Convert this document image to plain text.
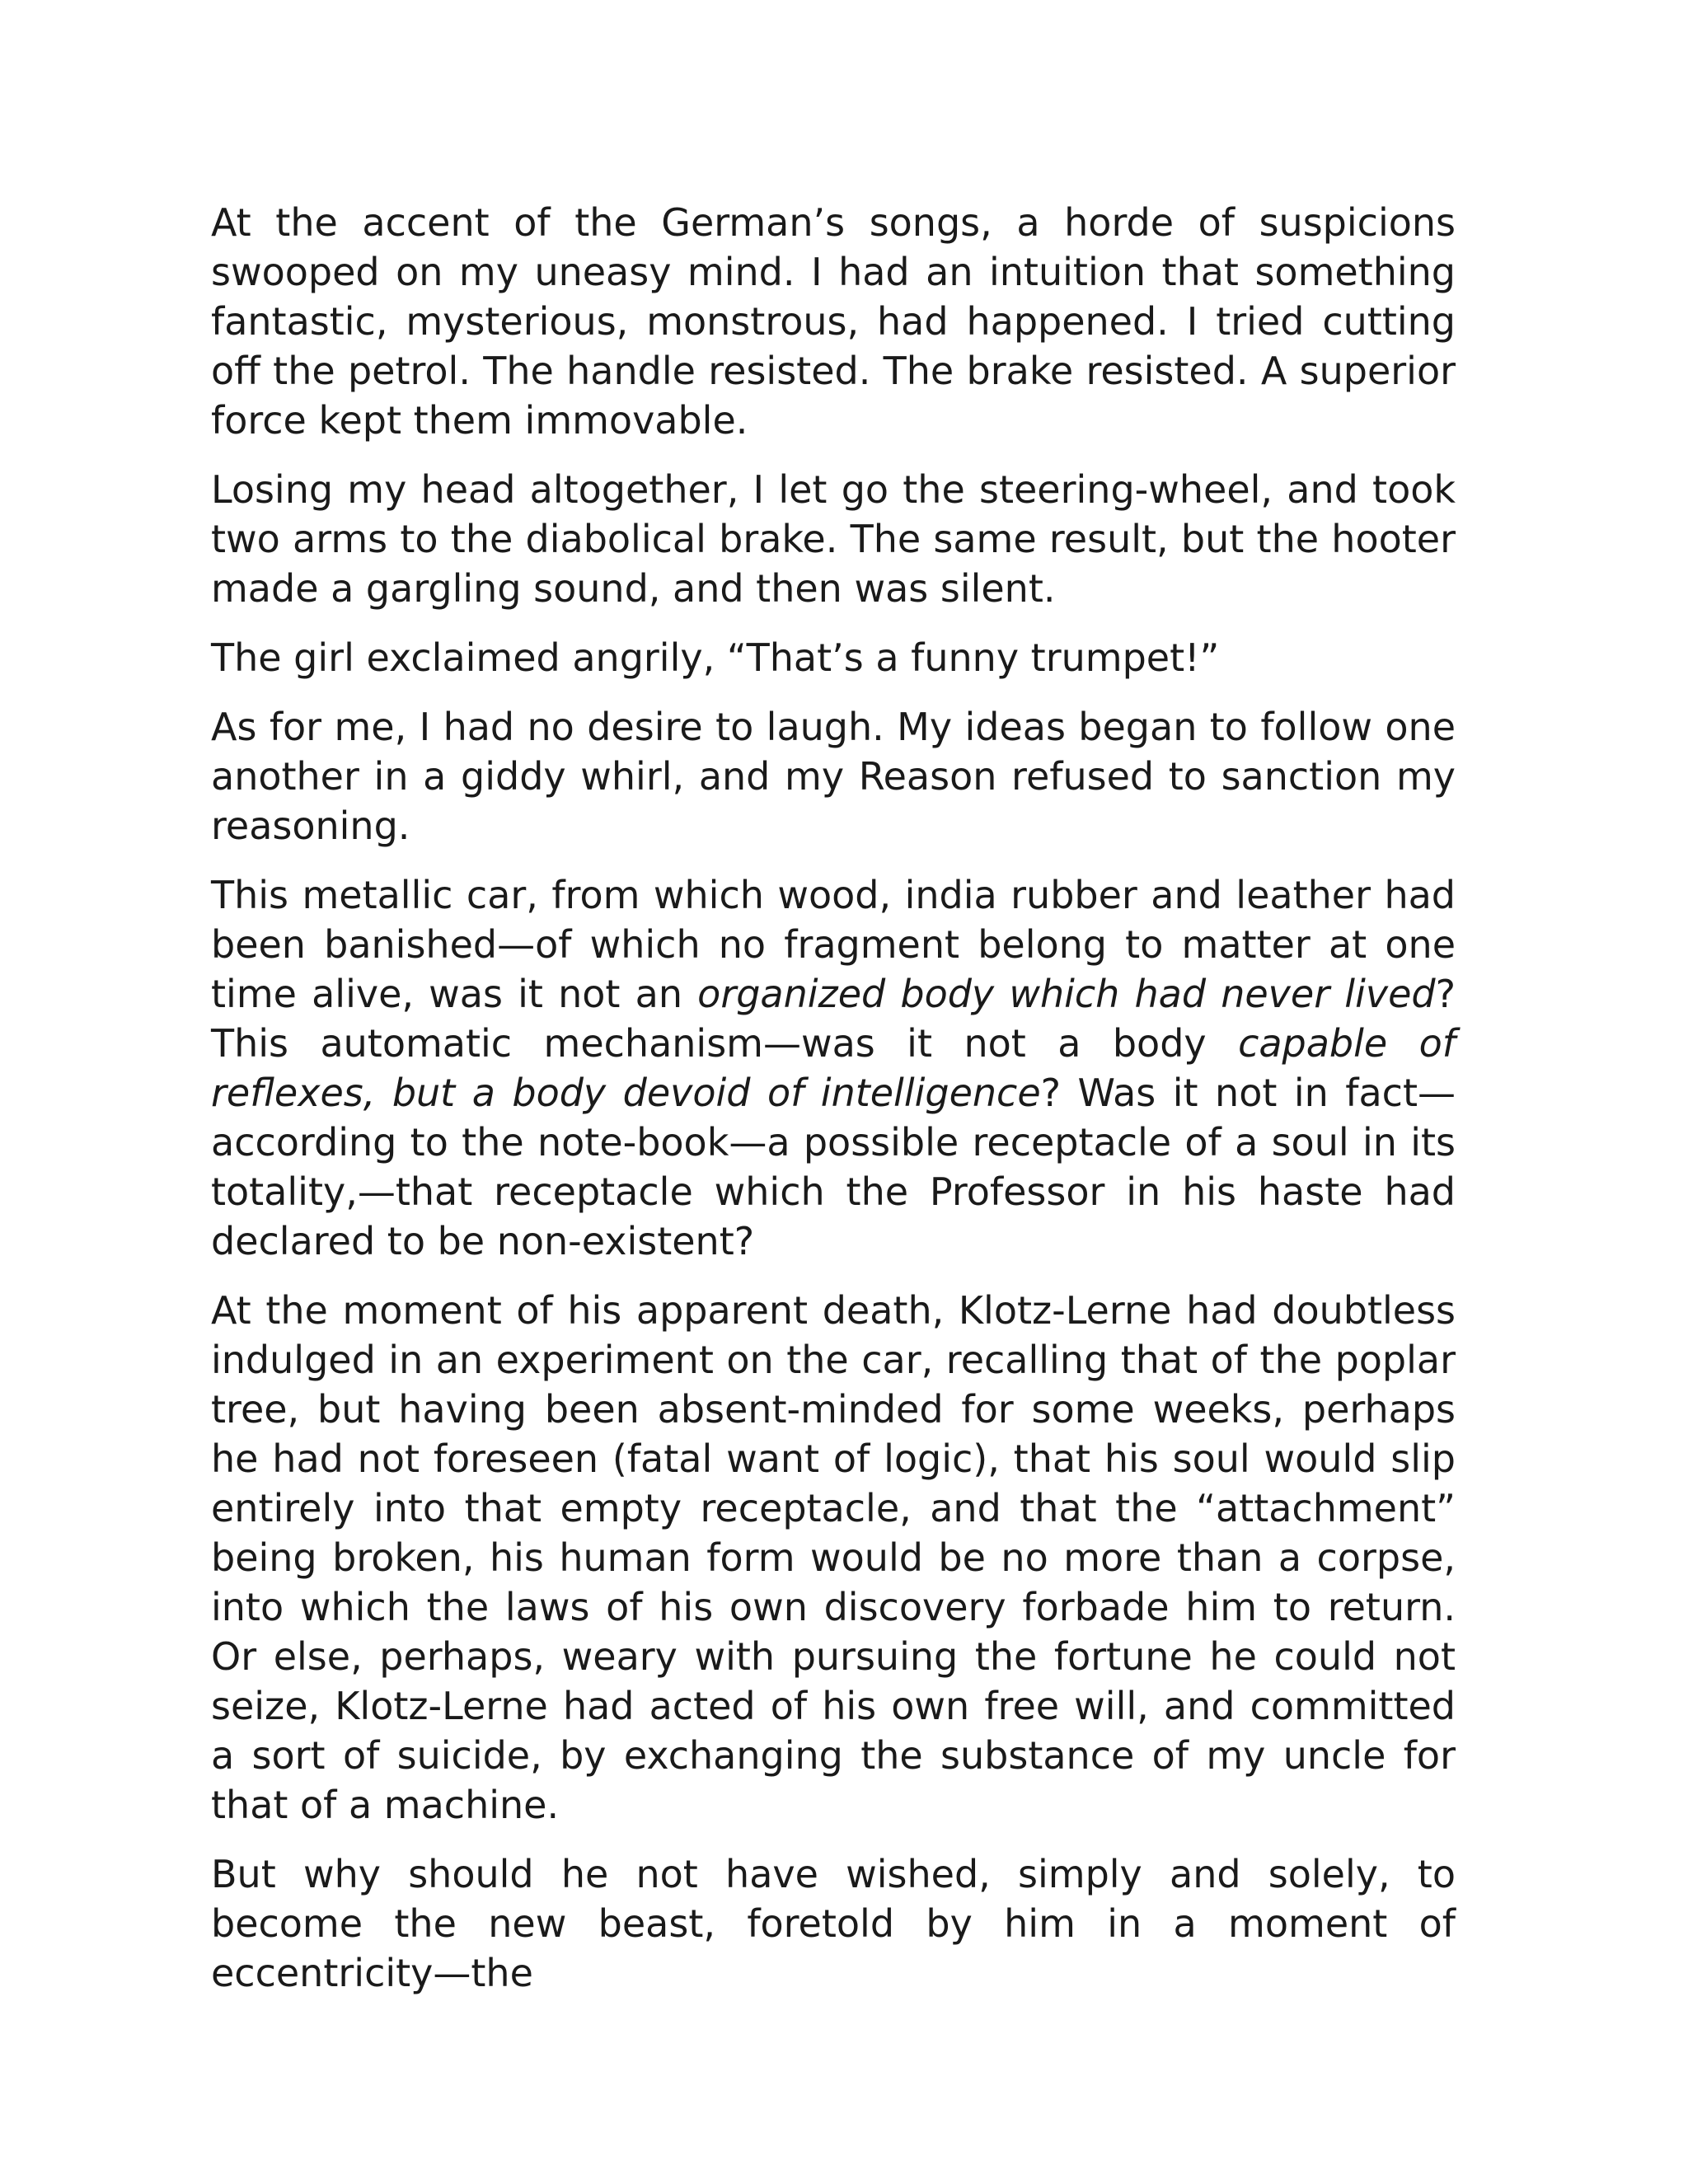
At the accent of the German’s songs, a horde of suspicions swooped on my uneasy mind. I had an intuition that something fantastic, mysterious, monstrous, had happened. I tried cutting off the petrol. The handle resisted. The brake resisted. A superior force kept them immovable.

Losing my head altogether, I let go the steering-wheel, and took two arms to the diabolical brake. The same result, but the hooter made a gargling sound, and then was silent.

The girl exclaimed angrily, “That’s a funny trumpet!”

As for me, I had no desire to laugh. My ideas began to follow one another in a giddy whirl, and my Reason refused to sanction my reasoning.

This metallic car, from which wood, india rubber and leather had been banished—of which no fragment belong to matter at one time alive, was it not an organized body which had never lived? This automatic mechanism—was it not a body capable of reflexes, but a body devoid of intelligence? Was it not in fact—according to the note-book—a possible receptacle of a soul in its totality,—that receptacle which the Professor in his haste had declared to be non-existent?

At the moment of his apparent death, Klotz-Lerne had doubtless indulged in an experiment on the car, recalling that of the poplar tree, but having been absent-minded for some weeks, perhaps he had not foreseen (fatal want of logic), that his soul would slip entirely into that empty receptacle, and that the “attachment” being broken, his human form would be no more than a corpse, into which the laws of his own discovery forbade him to return. Or else, perhaps, weary with pursuing the fortune he could not seize, Klotz-Lerne had acted of his own free will, and committed a sort of suicide, by exchanging the substance of my uncle for that of a machine.

But why should he not have wished, simply and solely, to become the new beast, foretold by him in a moment of eccentricity—the
